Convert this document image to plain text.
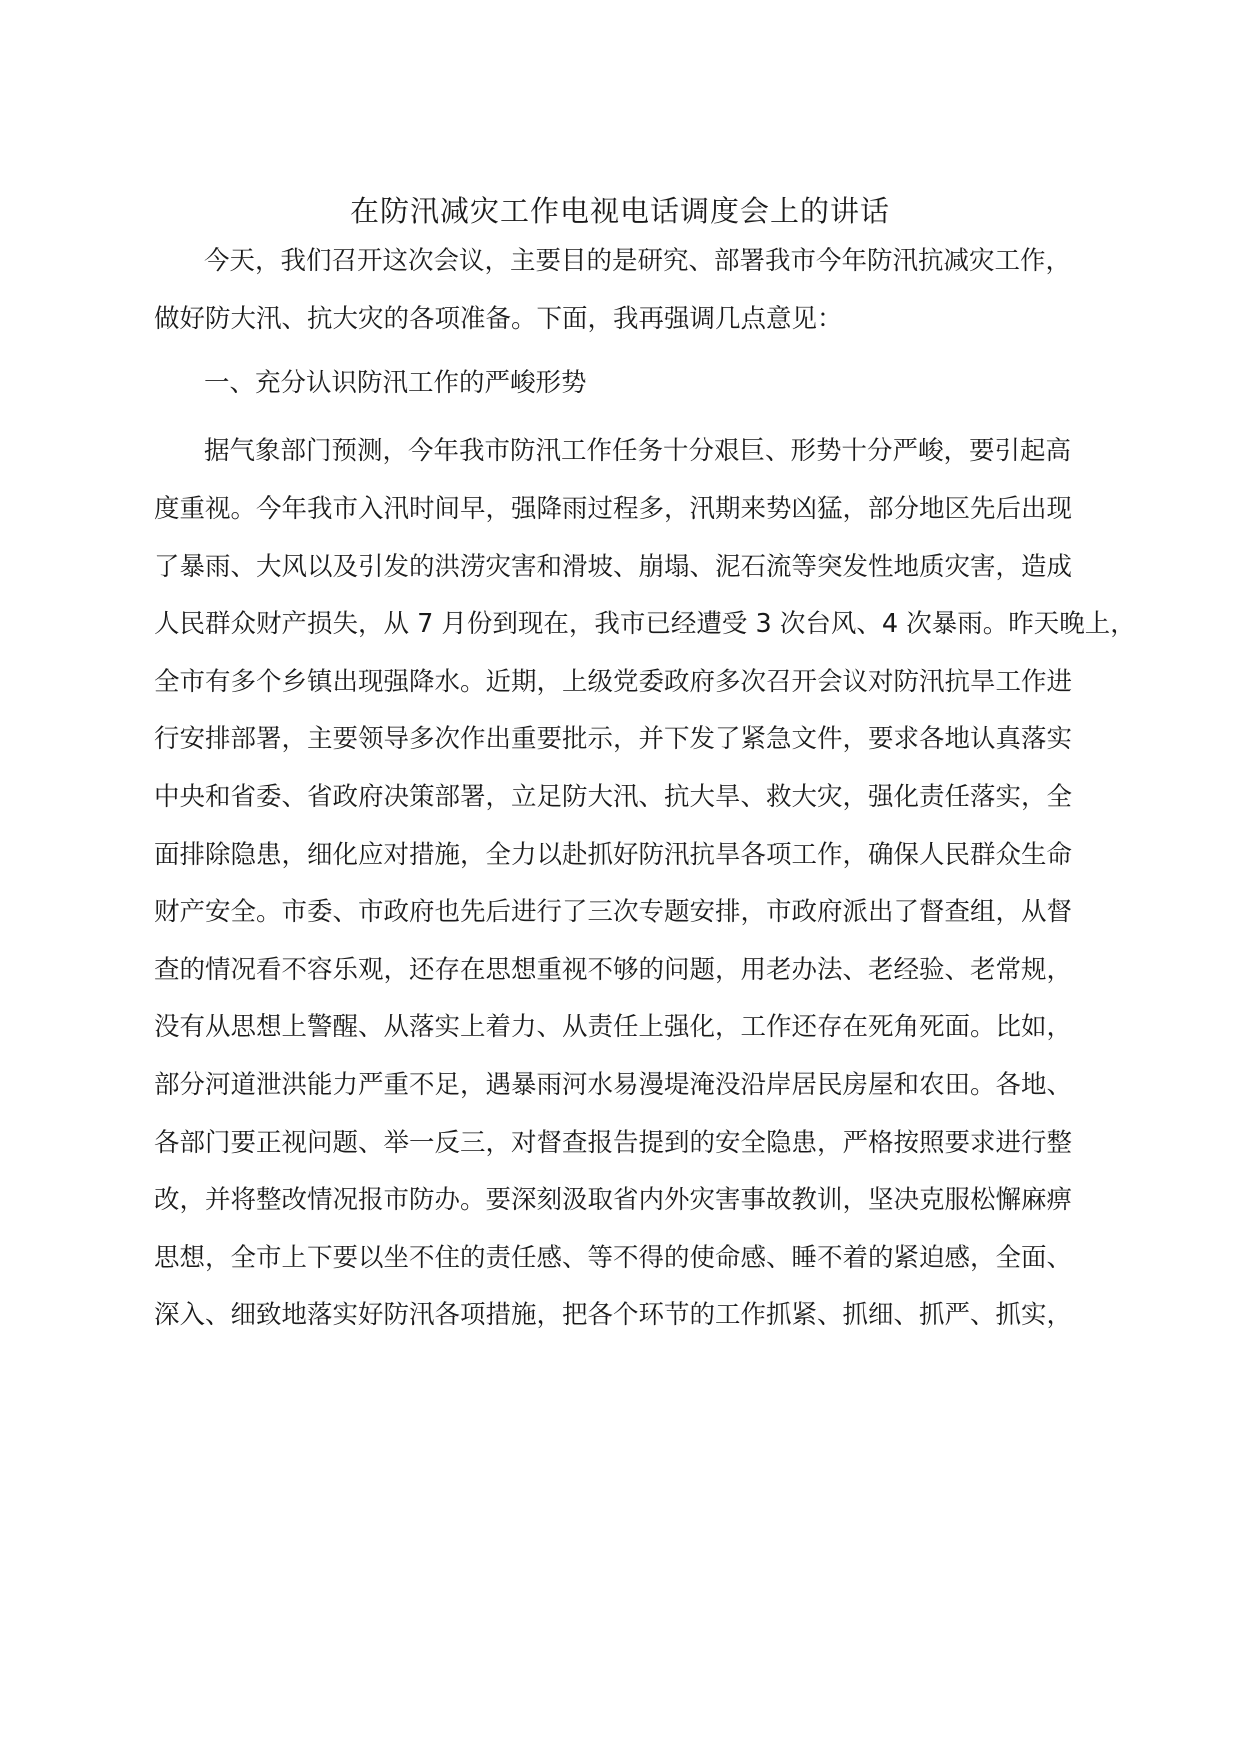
在防汛减灾工作电视电话调度会上的讲话
今天，我们召开这次会议，主要目的是研究、部署我市今年防汛抗减灾工作，
做好防大汛、抗大灾的各项准备。下面，我再强调几点意见：
一、充分认识防汛工作的严峻形势
据气象部门预测，今年我市防汛工作任务十分艰巨、形势十分严峻，要引起高
度重视。今年我市入汛时间早，强降雨过程多，汛期来势凶猛，部分地区先后出现
了暴雨、大风以及引发的洪涝灾害和滑坡、崩塌、泥石流等突发性地质灾害，造成
人民群众财产损失，从 7 月份到现在，我市已经遭受 3 次台风、4 次暴雨。昨天晚上，
全市有多个乡镇出现强降水。近期，上级党委政府多次召开会议对防汛抗旱工作进
行安排部署，主要领导多次作出重要批示，并下发了紧急文件，要求各地认真落实
中央和省委、省政府决策部署，立足防大汛、抗大旱、救大灾，强化责任落实，全
面排除隐患，细化应对措施，全力以赴抓好防汛抗旱各项工作，确保人民群众生命
财产安全。市委、市政府也先后进行了三次专题安排，市政府派出了督查组，从督
查的情况看不容乐观，还存在思想重视不够的问题，用老办法、老经验、老常规，
没有从思想上警醒、从落实上着力、从责任上强化，工作还存在死角死面。比如，
部分河道泄洪能力严重不足，遇暴雨河水易漫堤淹没沿岸居民房屋和农田。各地、
各部门要正视问题、举一反三，对督查报告提到的安全隐患，严格按照要求进行整
改，并将整改情况报市防办。要深刻汲取省内外灾害事故教训，坚决克服松懈麻痹
思想，全市上下要以坐不住的责任感、等不得的使命感、睡不着的紧迫感，全面、
深入、细致地落实好防汛各项措施，把各个环节的工作抓紧、抓细、抓严、抓实，
